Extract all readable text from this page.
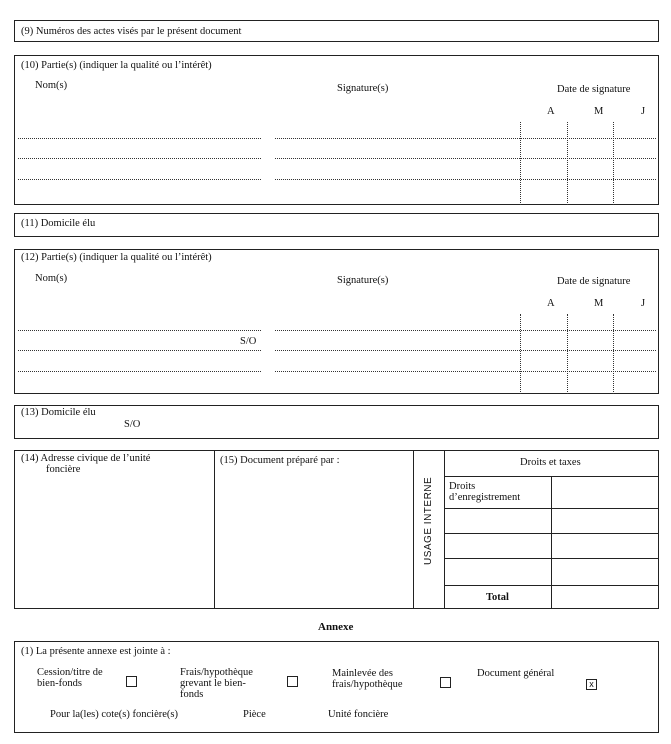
(9) Numéros des actes visés par le présent document
(10) Partie(s) (indiquer la qualité ou l’intérêt)
Nom(s)	Signature(s)	Date de signature
A	M	J
(11) Domicile élu
(12) Partie(s) (indiquer la qualité ou l’intérêt)
Nom(s)	Signature(s)	Date de signature
A	M	J
S/O
(13) Domicile élu
S/O
(14) Adresse civique de l’unité
foncière
(15) Document préparé par :
USAGE INTERNE
Droits et taxes
Droits
d’enregistrement
Total
Annexe
(1) La présente annexe est jointe à :
Cession/titre de
bien-fonds
Frais/hypothèque
grevant le bien-
fonds
Mainlevée des
frais/hypothèque
Document général
x
Pour la(les) cote(s) foncière(s)	Pièce	Unité foncière
